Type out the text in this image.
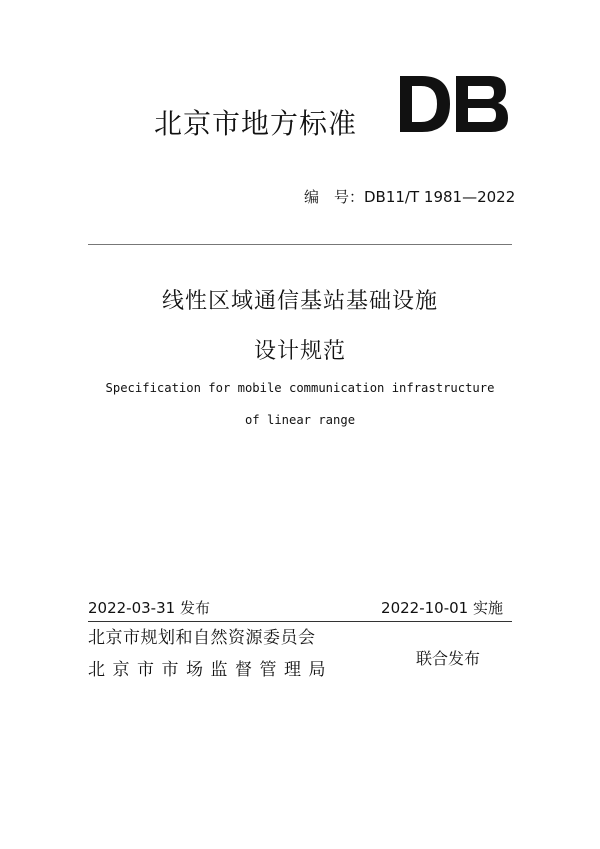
北京市地方标准
编　号：DB11/T 1981—2022
线性区域通信基站基础设施
设计规范
Specification for mobile communication infrastructure
of linear range
2022-03-31 发布	2022-10-01 实施
北京市规划和自然资源委员会
北京市市场监督管理局
联合发布
